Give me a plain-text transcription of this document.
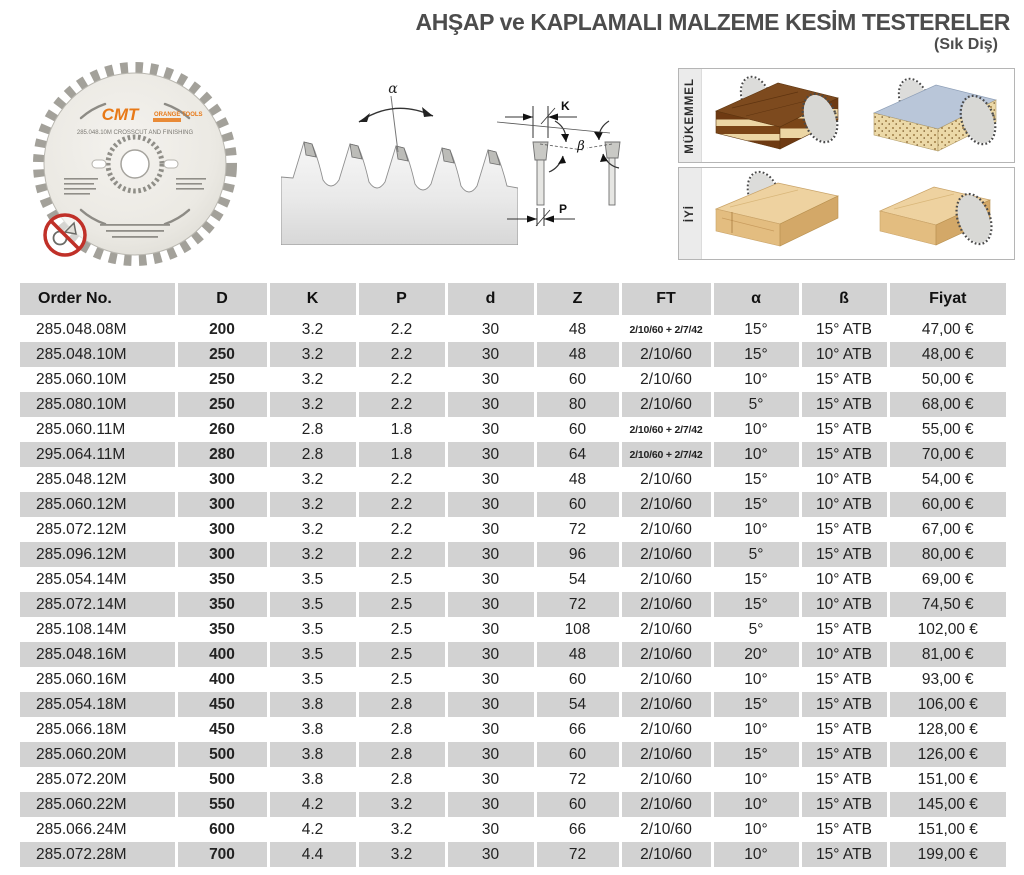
AHŞAP ve KAPLAMALI MALZEME KESİM TESTERELER
(Sık Diş)
CMT	ORANGE TOOLS
285.048.10M CROSSCUT AND FINISHING
α
K
β
P
MÜKEMMEL
İYİ
Order No.	D	K	P	d	Z	FT	α	ß	Fiyat
285.048.08M	200	3.2	2.2	30	48	2/10/60 + 2/7/42	15°	15° ATB	47,00 €
285.048.10M	250	3.2	2.2	30	48	2/10/60	15°	10° ATB	48,00 €
285.060.10M	250	3.2	2.2	30	60	2/10/60	10°	15° ATB	50,00 €
285.080.10M	250	3.2	2.2	30	80	2/10/60	5°	15° ATB	68,00 €
285.060.11M	260	2.8	1.8	30	60	2/10/60 + 2/7/42	10°	15° ATB	55,00 €
295.064.11M	280	2.8	1.8	30	64	2/10/60 + 2/7/42	10°	15° ATB	70,00 €
285.048.12M	300	3.2	2.2	30	48	2/10/60	15°	10° ATB	54,00 €
285.060.12M	300	3.2	2.2	30	60	2/10/60	15°	10° ATB	60,00 €
285.072.12M	300	3.2	2.2	30	72	2/10/60	10°	15° ATB	67,00 €
285.096.12M	300	3.2	2.2	30	96	2/10/60	5°	15° ATB	80,00 €
285.054.14M	350	3.5	2.5	30	54	2/10/60	15°	10° ATB	69,00 €
285.072.14M	350	3.5	2.5	30	72	2/10/60	15°	10° ATB	74,50 €
285.108.14M	350	3.5	2.5	30	108	2/10/60	5°	15° ATB	102,00 €
285.048.16M	400	3.5	2.5	30	48	2/10/60	20°	10° ATB	81,00 €
285.060.16M	400	3.5	2.5	30	60	2/10/60	10°	15° ATB	93,00 €
285.054.18M	450	3.8	2.8	30	54	2/10/60	15°	15° ATB	106,00 €
285.066.18M	450	3.8	2.8	30	66	2/10/60	10°	15° ATB	128,00 €
285.060.20M	500	3.8	2.8	30	60	2/10/60	15°	15° ATB	126,00 €
285.072.20M	500	3.8	2.8	30	72	2/10/60	10°	15° ATB	151,00 €
285.060.22M	550	4.2	3.2	30	60	2/10/60	10°	15° ATB	145,00 €
285.066.24M	600	4.2	3.2	30	66	2/10/60	10°	15° ATB	151,00 €
285.072.28M	700	4.4	3.2	30	72	2/10/60	10°	15° ATB	199,00 €
